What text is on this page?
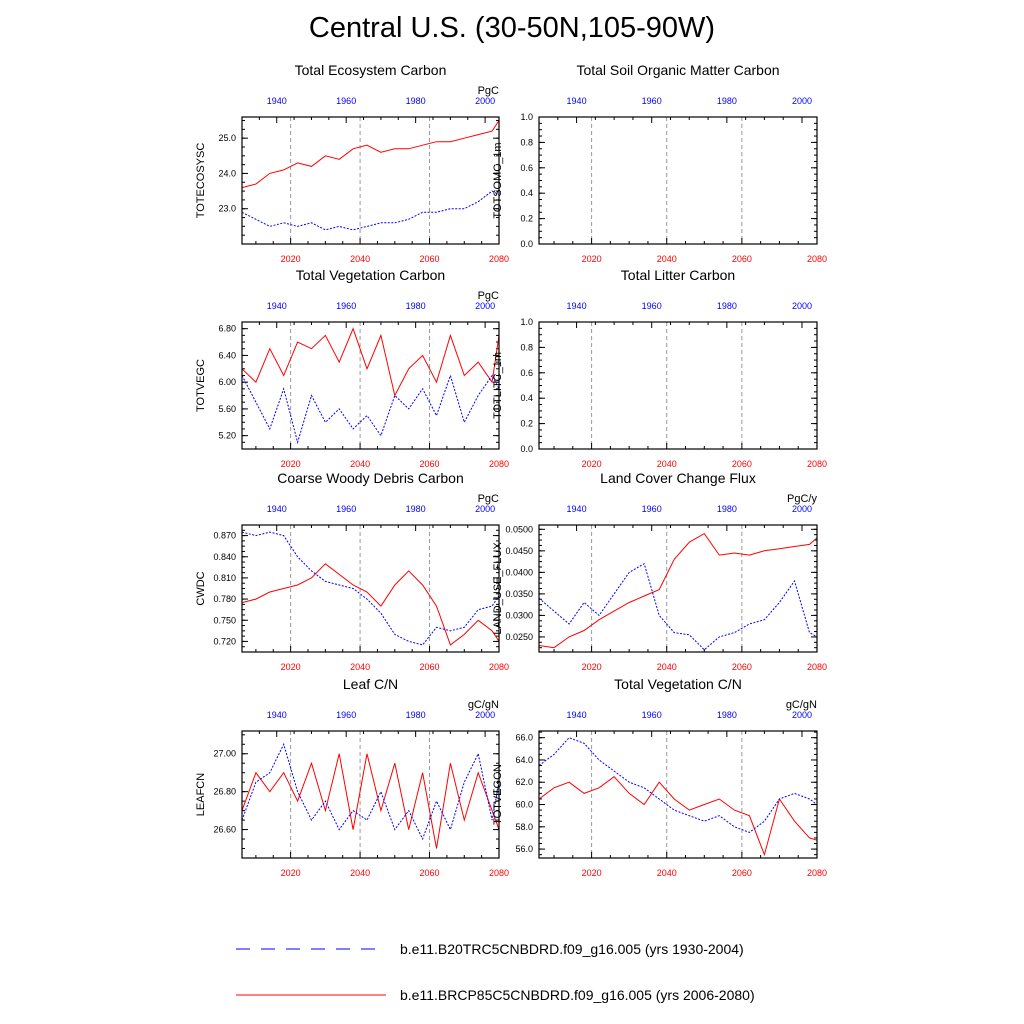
Central U.S. (30-50N,105-90W)
Total Ecosystem Carbon
PgC
TOTECOSYSC
2020	2040	2060	2080
1940	1960	1980	2000
23.0
24.0
25.0
Total Soil Organic Matter Carbon
TOTSOMC_1m
2020	2040	2060	2080
1940	1960	1980	2000
0.0
0.2
0.4
0.6
0.8
1.0
Total Vegetation Carbon
PgC
TOTVEGC
2020	2040	2060	2080
1940	1960	1980	2000
5.20
5.60
6.00
6.40
6.80
Total Litter Carbon
TOTLITC_1m
2020	2040	2060	2080
1940	1960	1980	2000
0.0
0.2
0.4
0.6
0.8
1.0
Coarse Woody Debris Carbon
PgC
CWDC
2020	2040	2060	2080
1940	1960	1980	2000
0.720
0.750
0.780
0.810
0.840
0.870
Land Cover Change Flux
PgC/y
LAND_USE_FLUX
2020	2040	2060	2080
1940	1960	1980	2000
0.0250
0.0300
0.0350
0.0400
0.0450
0.0500
Leaf C/N
gC/gN
LEAFCN
2020	2040	2060	2080
1940	1960	1980	2000
26.60
26.80
27.00
Total Vegetation C/N
gC/gN
TOTVEGCN
2020	2040	2060	2080
1940	1960	1980	2000
56.0
58.0
60.0
62.0
64.0
66.0
b.e11.B20TRC5CNBDRD.f09_g16.005 (yrs 1930-2004)
b.e11.BRCP85C5CNBDRD.f09_g16.005 (yrs 2006-2080)
